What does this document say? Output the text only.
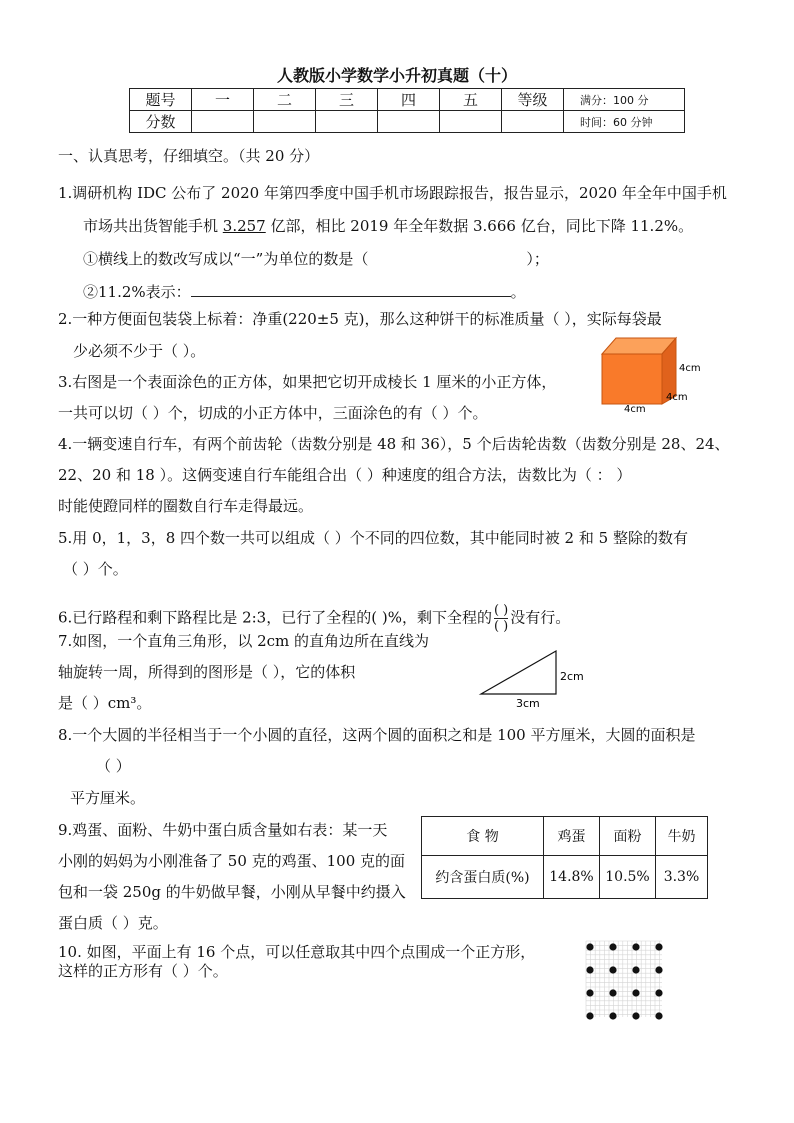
人教版小学数学小升初真题（十）
题号	一	二	三	四	五	等级	满分：100 分
分数							时间：60 分钟
一、认真思考，仔细填空。（共 20 分）
1.调研机构 IDC 公布了 2020 年第四季度中国手机市场跟踪报告，报告显示，2020 年全年中国手机
市场共出货智能手机 3.257 亿部，相比 2019 年全年数据 3.666 亿台，同比下降 11.2%。
①横线上的数改写成以“一”为单位的数是（	）；
②11.2%表示：	。
2.一种方便面包装袋上标着：净重(220±5 克)，那么这种饼干的标准质量（ ），实际每袋最
少必须不少于（ ）。
3.右图是一个表面涂色的正方体，如果把它切开成棱长 1 厘米的小正方体，
一共可以切（ ）个，切成的小正方体中，三面涂色的有（ ）个。
4cm
4cm
4cm
4.一辆变速自行车，有两个前齿轮（齿数分别是 48 和 36），5 个后齿轮齿数（齿数分别是 28、24、
22、20 和 18 ）。这俩变速自行车能组合出（ ）种速度的组合方法，齿数比为（ ： ）
时能使蹬同样的圈数自行车走得最远。
5.用 0，1，3，8 四个数一共可以组成（ ）个不同的四位数，其中能同时被 2 和 5 整除的数有
（ ）个。
6.已行路程和剩下路程比是 2:3，已行了全程的( )%，剩下全程的 ( )
( ) 没有行。
7.如图，一个直角三角形，以 2cm 的直角边所在直线为
轴旋转一周，所得到的图形是（ ），它的体积
是（ ）cm³。
2cm
3cm
8.一个大圆的半径相当于一个小圆的直径，这两个圆的面积之和是 100 平方厘米，大圆的面积是
（ ）
平方厘米。
9.鸡蛋、面粉、牛奶中蛋白质含量如右表：某一天
小刚的妈妈为小刚准备了 50 克的鸡蛋、100 克的面
包和一袋 250g 的牛奶做早餐，小刚从早餐中约摄入
蛋白质（ ）克。
食 物	鸡蛋	面粉	牛奶
约含蛋白质(%)	14.8%	10.5%	3.3%
10. 如图，平面上有 16 个点，可以任意取其中四个点围成一个正方形，
这样的正方形有（ ）个。
